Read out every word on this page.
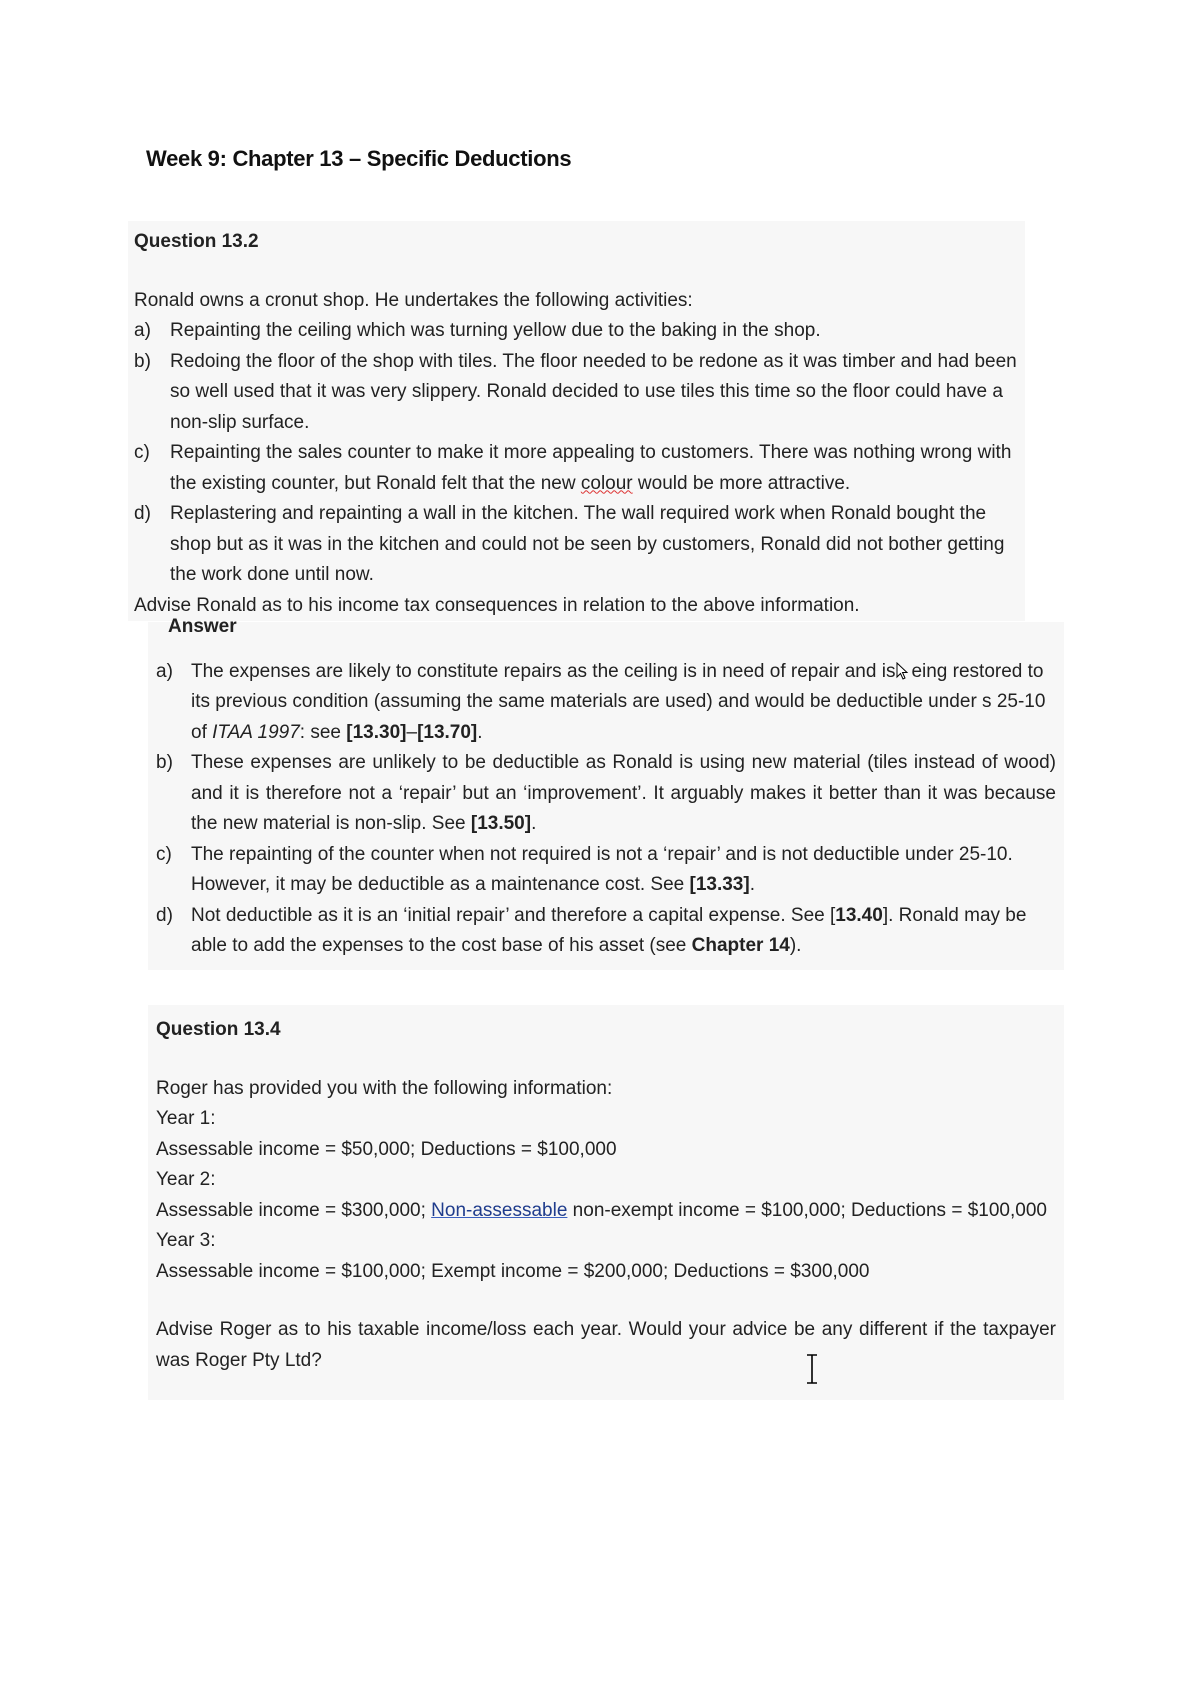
Week 9: Chapter 13 – Specific Deductions
Question 13.2
Ronald owns a cronut shop. He undertakes the following activities:
a)	Repainting the ceiling which was turning yellow due to the baking in the shop.
b)	Redoing the floor of the shop with tiles. The floor needed to be redone as it was timber and had been so well used that it was very slippery. Ronald decided to use tiles this time so the floor could have a non-slip surface.
c)	Repainting the sales counter to make it more appealing to customers. There was nothing wrong with the existing counter, but Ronald felt that the new colour would be more attractive.
d)	Replastering and repainting a wall in the kitchen. The wall required work when Ronald bought the shop but as it was in the kitchen and could not be seen by customers, Ronald did not bother getting the work done until now.
Advise Ronald as to his income tax consequences in relation to the above information.
Answer
a) The expenses are likely to constitute repairs as the ceiling is in need of repair and is eing restored to its previous condition (assuming the same materials are used) and would be deductible under s 25-10 of ITAA 1997: see [13.30]–[13.70].
b) These expenses are unlikely to be deductible as Ronald is using new material (tiles instead of wood) and it is therefore not a ‘repair’ but an ‘improvement’. It arguably makes it better than it was because the new material is non-slip. See [13.50].
c)	The repainting of the counter when not required is not a ‘repair’ and is not deductible under 25-10. However, it may be deductible as a maintenance cost. See [13.33].
d) Not deductible as it is an ‘initial repair’ and therefore a capital expense. See [13.40]. Ronald may be able to add the expenses to the cost base of his asset (see Chapter 14).
Question 13.4
Roger has provided you with the following information:
Year 1:
Assessable income = $50,000; Deductions = $100,000
Year 2:
Assessable income = $300,000; Non-assessable non-exempt income = $100,000; Deductions = $100,000
Year 3:
Assessable income = $100,000; Exempt income = $200,000; Deductions = $300,000
Advise Roger as to his taxable income/loss each year. Would your advice be any different if the taxpayer was Roger Pty Ltd?
